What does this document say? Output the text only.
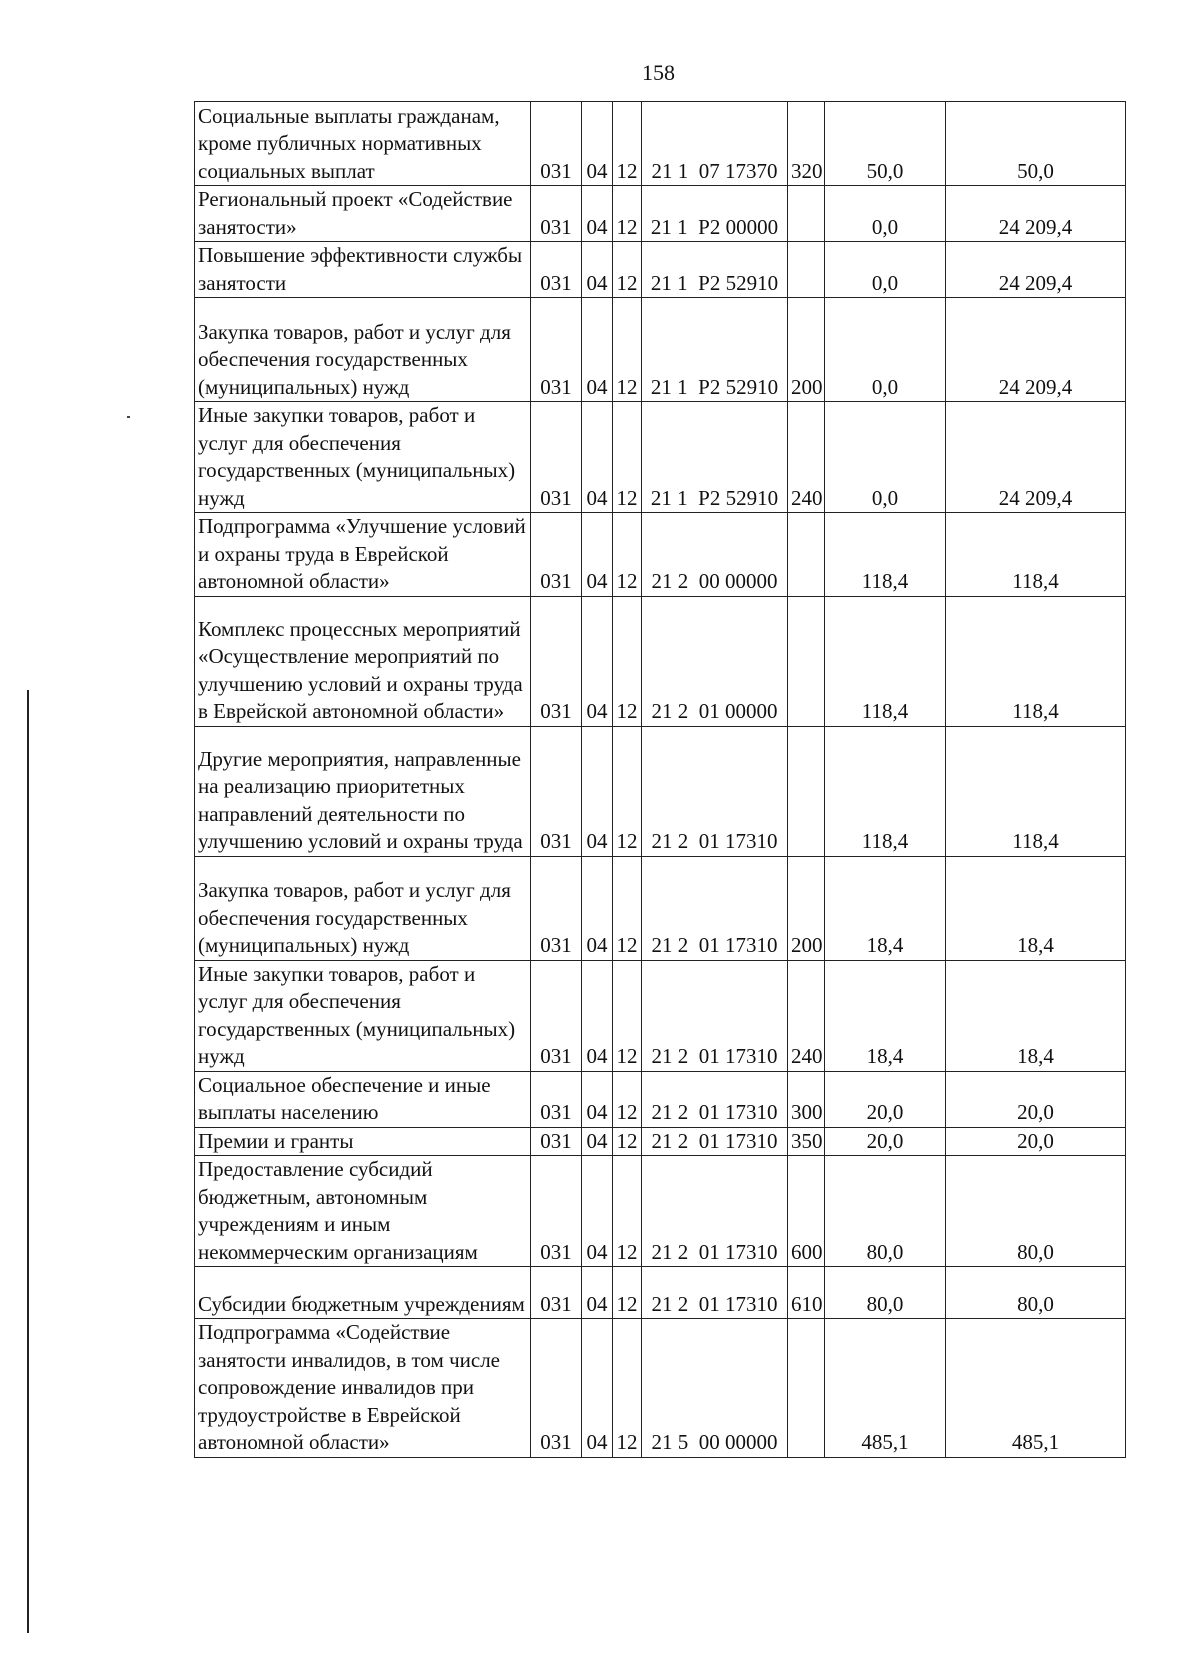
158
Социальные выплаты гражданам, кроме публичных нормативных социальных выплат	031	04	12	21 1  07 17370	320	50,0	50,0
Региональный проект «Содействие занятости»	031	04	12	21 1  Р2 00000		0,0	24 209,4
Повышение эффективности службы занятости	031	04	12	21 1  Р2 52910		0,0	24 209,4
Закупка товаров, работ и услуг для обеспечения государственных (муниципальных) нужд	031	04	12	21 1  Р2 52910	200	0,0	24 209,4
Иные закупки товаров, работ и услуг для обеспечения государственных (муниципальных) нужд	031	04	12	21 1  Р2 52910	240	0,0	24 209,4
Подпрограмма «Улучшение условий и охраны труда в Еврейской автономной области»	031	04	12	21 2  00 00000		118,4	118,4
Комплекс процессных мероприятий «Осуществление мероприятий по улучшению условий и охраны труда в Еврейской автономной области»	031	04	12	21 2  01 00000		118,4	118,4
Другие мероприятия, направленные на реализацию приоритетных направлений деятельности по улучшению условий и охраны труда	031	04	12	21 2  01 17310		118,4	118,4
Закупка товаров, работ и услуг для обеспечения государственных (муниципальных) нужд	031	04	12	21 2  01 17310	200	18,4	18,4
Иные закупки товаров, работ и услуг для обеспечения государственных (муниципальных) нужд	031	04	12	21 2  01 17310	240	18,4	18,4
Социальное обеспечение и иные выплаты населению	031	04	12	21 2  01 17310	300	20,0	20,0
Премии и гранты	031	04	12	21 2  01 17310	350	20,0	20,0
Предоставление субсидий бюджетным, автономным учреждениям и иным некоммерческим организациям	031	04	12	21 2  01 17310	600	80,0	80,0
Субсидии бюджетным учреждениям	031	04	12	21 2  01 17310	610	80,0	80,0
Подпрограмма «Содействие занятости инвалидов, в том числе сопровождение инвалидов при трудоустройстве в Еврейской автономной области»	031	04	12	21 5  00 00000		485,1	485,1
